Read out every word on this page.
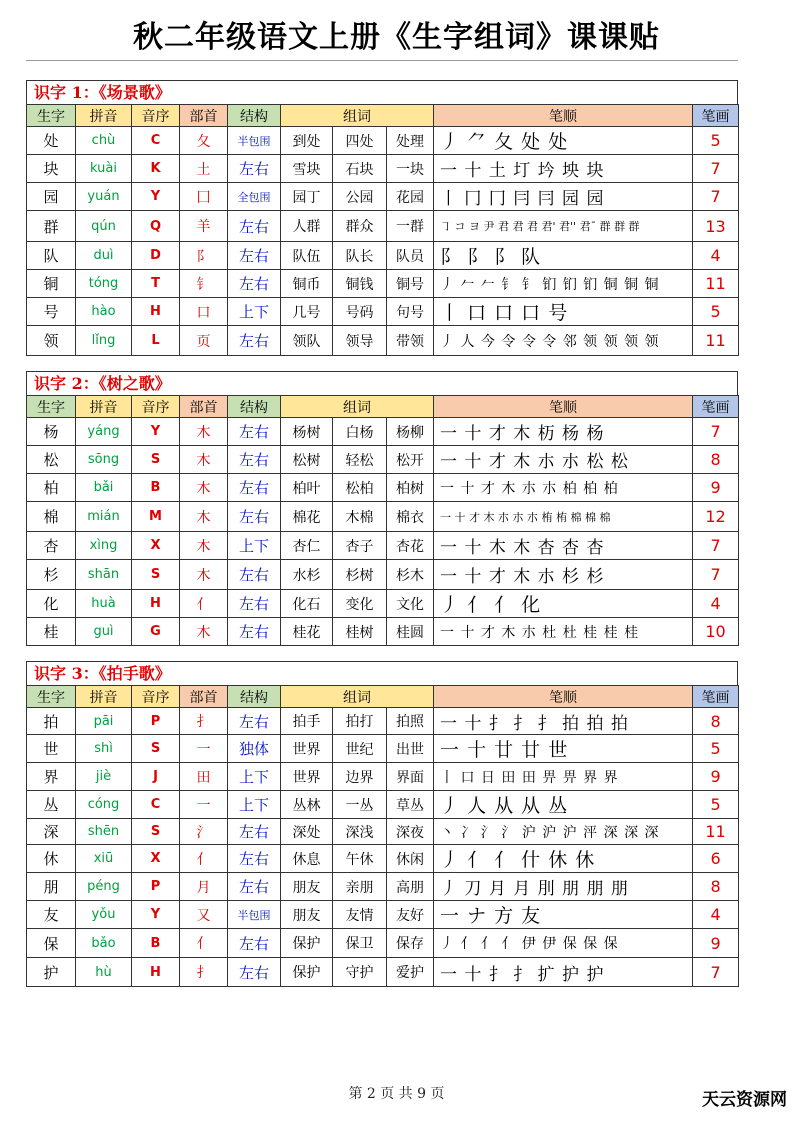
秋二年级语文上册《生字组词》课课贴
识字 1：《场景歌》
生字	拼音	音序	部首	结构	组词			笔顺	笔画
处	chù	C	夂	半包围	到处	四处	处理	丿 ⺈ 夂 处 处	5
块	kuài	K	土	左右	雪块	石块	一块	一 十 土 圢 坅 坱 块	7
园	yuán	Y	囗	全包围	园丁	公园	花园	丨 冂 冂 冃 冃 园 园	7
群	qún	Q	羊	左右	人群	群众	一群	㇆ コ ヨ 尹 君 君 君 君' 君'' 君¯ 群 群 群	13
队	duì	D	阝	左右	队伍	队长	队员	⻖ 阝 阝 队	4
铜	tóng	T	钅	左右	铜币	铜钱	铜号	丿 𠂉 𠂉 钅 钅 钔 钔 钔 铜 铜 铜	11
号	hào	H	口	上下	几号	号码	句号	丨 口 口 口 号	5
领	lǐng	L	页	左右	领队	领导	带领	丿 人 今 令 令 令 邻 领 领 领 领	11
识字 2：《树之歌》
生字	拼音	音序	部首	结构	组词			笔顺	笔画
杨	yáng	Y	木	左右	杨树	白杨	杨柳	一 十 才 木 杤 杨 杨	7
松	sōng	S	木	左右	松树	轻松	松开	一 十 才 木 朩 朩 松 松	8
柏	bǎi	B	木	左右	柏叶	松柏	柏树	一 十 才 木 朩 朩 柏 柏 柏	9
棉	mián	M	木	左右	棉花	木棉	棉衣	一 十 才 木 朩 朩 朩 栯 栯 棉 棉 棉	12
杏	xìng	X	木	上下	杏仁	杏子	杏花	一 十 木 木 杏 杏 杏	7
杉	shān	S	木	左右	水杉	杉树	杉木	一 十 才 木 朩 杉 杉	7
化	huà	H	亻	左右	化石	变化	文化	丿 亻 亻 化	4
桂	guì	G	木	左右	桂花	桂树	桂圆	一 十 才 木 朩 杜 杜 桂 桂 桂	10
识字 3：《拍手歌》
生字	拼音	音序	部首	结构	组词			笔顺	笔画
拍	pāi	P	扌	左右	拍手	拍打	拍照	一 十 扌 扌 扌 拍 拍 拍	8
世	shì	S	一	独体	世界	世纪	出世	一 十 廿 廿 世	5
界	jiè	J	田	上下	世界	边界	界面	丨 口 日 田 田 畀 畀 界 界	9
丛	cóng	C	一	上下	丛林	一丛	草丛	丿 人 从 从 丛	5
深	shēn	S	氵	左右	深处	深浅	深夜	丶 冫 氵 氵 沪 沪 沪 泙 深 深 深	11
休	xiū	X	亻	左右	休息	午休	休闲	丿 亻 亻 什 休 休	6
朋	péng	P	月	左右	朋友	亲朋	高朋	丿 刀 月 月 刖 朋 朋 朋	8
友	yǒu	Y	又	半包围	朋友	友情	友好	一 ナ 方 友	4
保	bǎo	B	亻	左右	保护	保卫	保存	丿 亻 亻 亻 伊 伊 保 保 保	9
护	hù	H	扌	左右	保护	守护	爱护	一 十 扌 扌 扩 护 护	7
第 2 页 共 9 页	天云资源网
